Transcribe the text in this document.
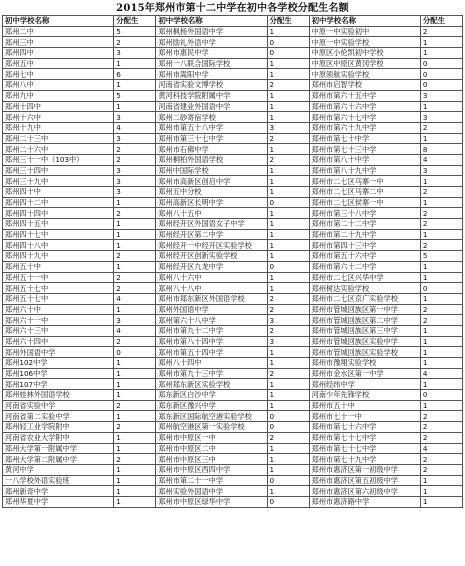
2015年郑州市第十二中学在初中各学校分配生名额
初中学校名称	分配生	初中学校名称	分配生	初中学校名称	分配生
郑州二中	5	郑州枫杨外国语中学	1	中原一中实验初中	2
郑州三中	2	郑州励礼外语中学	0	中原一中实验学校	1
郑州四中	3	郑州市惠民中学	0	中原区小伦凯初中学校	1
郑州五中	1	郑州一八联合国际学校	1	中原区中原区黄冈学校	0
郑州七中	6	郑州市嵩阳中学	1	中原领航实验学校	0
郑州八中	1	河南省实验文博学校	2	郑州市启智学校	0
郑州九中	5	黄河科技学院附属中学	1	郑州市第六十五中学	3
郑州十四中	1	河南省建业外国语中学	1	郑州市第六十六中学	1
郑州十六中	3	郑州二砂寄宿学校	1	郑州市第六十七中学	3
郑州十九中	4	郑州市第五十八中学	3	郑州市第六十九中学	2
郑州二十三中	3	郑州市第三十七中学	2	郑州市第七十中学	1
郑州二十六中	2	郑州市石佛中学	1	郑州市第七十三中学	8
郑州三十一中（103中）	2	郑州桐柏外国语学校	2	郑州市第八十中学	4
郑州三十四中	3	郑州中国际学校	1	郑州市第八十九中学	3
郑州三十九中	3	郑州市高新区创启中学	1	郑州市二七区马寨一中	1
郑州四十中	3	郑州五中分校	1	郑州市二七区马寨二中	2
郑州四十二中	1	郑州高新区长明中学	0	郑州市二七区侯寨一中	1
郑州四十四中	2	郑州八十五中	1	郑州市第三十八中学	2
郑州四十五中	1	郑州经开区外国语女子中学	1	郑州市第二十二中学	2
郑州四十七中	1	郑州经开区第二中学	1	郑州市第二十九中学	1
郑州四十八中	1	郑州经开一中经开区实验学校	1	郑州市第四十三中学	2
郑州四十九中	2	郑州经开区创新实验学校	1	郑州市第五十六中学	5
郑州五十中	1	郑州经开区九龙中学	0	郑州市第六十二中学	1
郑州五十一中	2	郑州八十六中	1	郑州市二七区兴华中学	1
郑州五十七中	2	郑州八十八中	1	郑州树达实验学校	0
郑州五十七中	4	郑州市郑东新区外国语学校	2	郑州市二七区京广实验学校	1
郑州六十中	1	郑州外国语中学	2	郑州市管城回族区第一中学	2
郑州六十一中	3	郑州第六十八中学	3	郑州市管城回族区第二中学	2
郑州六十三中	4	郑州市第九十二中学	2	郑州市管城回族区第三中学	1
郑州六十四中	2	郑州市第八十四中学	3	郑州市管城回族区实验中学	1
郑州外国语中学	0	郑州市第五十四中学	1	郑州市管城回族区实验学校	1
郑州102中学	1	郑州八十四中	1	郑州市豫翔实验学校	1
郑州106中学	1	郑州市第九十三中学	2	郑州市金水区第一中学	4
郑州107中学	1	郑州郑东新区实验学校	1	郑州经纬中学	1
郑州桂林外国语学校	1	郑东新区白沙中学	1	河南少年先锋学校	0
河南省实验中学	2	郑东新区豫兴中学	1	郑州市五十中	1
河南省第二实验中学	1	郑东新区国际航空港实验学校	0	郑州市七十一中	2
郑州轻工业学院附中	2	郑州航空港区第一实验学校	0	郑州市第七十六中学	2
河南省农业大学附中	1	郑州市中原区一中	2	郑州市第七十七中学	2
郑州大学第一附属中学	1	郑州市中原区二中	1	郑州市第七十七中学	4
郑州大学第二附属中学	2	郑州市中原区三中	1	郑州市第七十九中学	2
黄河中学	1	郑州市中原区西四中学	1	郑州市惠济区第一初级中学	2
一八学校外语实验班	1	郑州市第二十一中学	0	郑州市惠济区第五初级中学	1
郑州新奇中学	1	郑州实验外国语中学	1	郑州市惠济区第六初级中学	1
郑州华夏中学	1	郑州市中原区绿华中学	0	郑州市惠济路中学	1
